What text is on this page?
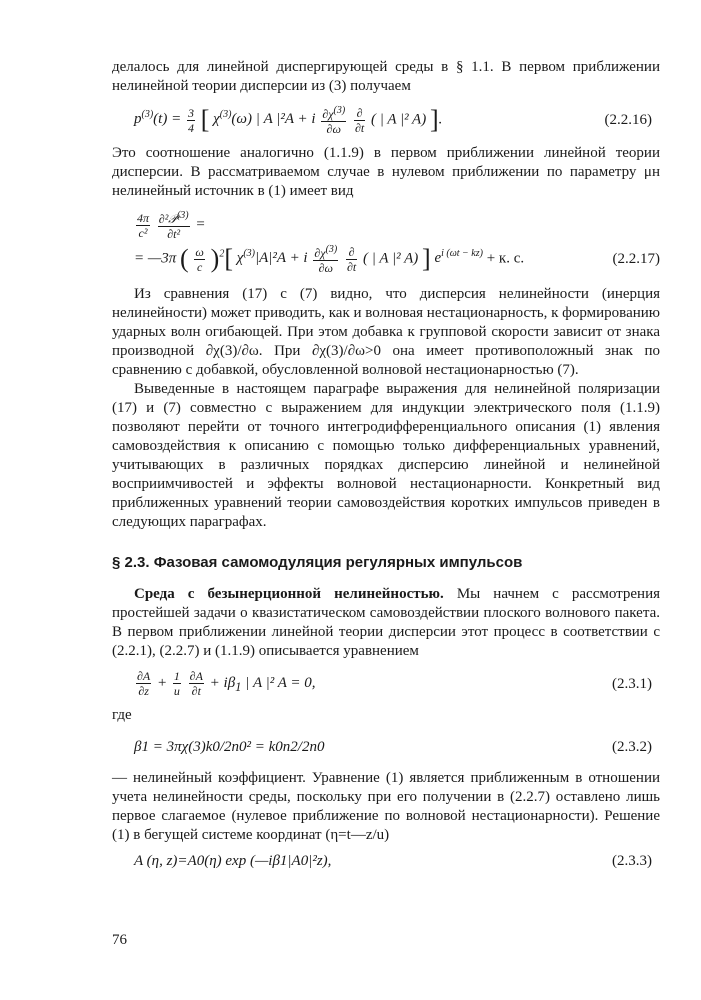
делалось для линейной диспергирующей среды в § 1.1. В первом приближении нелинейной теории дисперсии из (3) получаем

$p^{(3)}(t) = \frac{3}{4}$ [ $\chi^{(3)}(\omega)$ | A |²A + i $\frac{\partial\chi^{(3)}}{\partial\omega}$
$\frac{\partial}{\partial t}$ ( | A |² A) ].	(2.2.16)

Это соотношение аналогично (1.1.9) в первом приближении линейной теории дисперсии. В рассматриваемом случае в нулевом приближении по параметру μн нелинейный источник в (1) имеет вид

$\frac{4\pi}{\text{c²}}$
$\frac{\partial^2𝒫^{(3)}}{\text{∂t²}}$ =
= —3π ( $\frac{\omega}{c} )^2$[ $\chi^{(3)}|A|^2A + i \frac{\partial\chi^{(3)}}{\partial\omega}$
$\frac{\partial}{\partial t}$ ( | A |² A) ] $e^{i (\omega t - kz)} + к$. с.	(2.2.17)

Из сравнения (17) с (7) видно, что дисперсия нелинейности (инерция нелинейности) может приводить, как и волновая нестационарность, к формированию ударных волн огибающей. При этом добавка к групповой скорости зависит от знака производной ∂χ(3)/∂ω. При ∂χ(3)/∂ω>0 она имеет противоположный знак по сравнению с добавкой, обусловленной волновой нестационарностью (7).

Выведенные в настоящем параграфе выражения для нелинейной поляризации (17) и (7) совместно с выражением для индукции электрического поля (1.1.9) позволяют перейти от точного интегродифференциального описания (1) явления самовоздействия к описанию с помощью только дифференциальных уравнений, учитывающих в различных порядках дисперсию линейной и нелинейной восприимчивостей и эффекты волновой нестационарности. Конкретный вид приближенных уравнений теории самовоздействия коротких импульсов приведен в следующих параграфах.

§ 2.3. Фазовая самомодуляция регулярных импульсов

Среда с безынерционной нелинейностью. Мы начнем с рассмотрения простейшей задачи о квазистатическом самовоздействии плоского волнового пакета. В первом приближении линейной теории дисперсии этот процесс в соответствии с (2.2.1), (2.2.7) и (1.1.9) описывается уравнением

$\frac{\partial A}{\partial z} + \frac{1}{u}$
$\frac{\partial A}{\partial t} + i\beta_1$ | A |² A = 0,	(2.3.1)

где

β1 = 3πχ(3)k0/2n0² = k0n2/2n0	(2.3.2)

— нелинейный коэффициент. Уравнение (1) является приближенным в отношении учета нелинейности среды, поскольку при его получении в (2.2.7) оставлено лишь первое слагаемое (нулевое приближение по волновой нестационарности). Решение (1) в бегущей системе координат (η=t—z/u)

A (η, z)=A0(η) exp (—iβ1|A0|²z),	(2.3.3)
76
